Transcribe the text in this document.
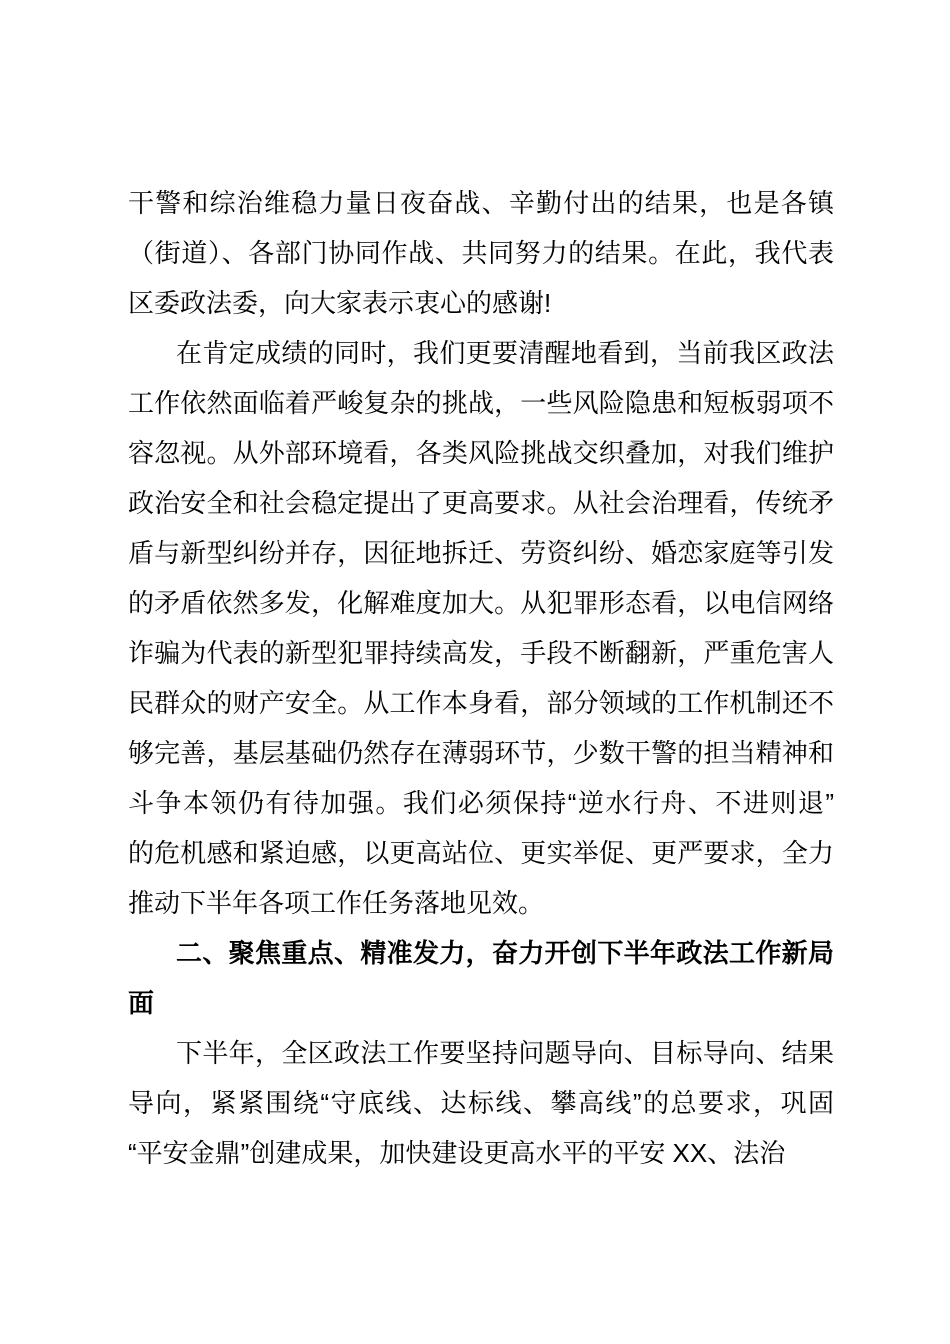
干警和综治维稳力量日夜奋战、辛勤付出的结果，也是各镇
（街道）、各部门协同作战、共同努力的结果。在此，我代表
区委政法委，向大家表示衷心的感谢!
在肯定成绩的同时，我们更要清醒地看到，当前我区政法
工作依然面临着严峻复杂的挑战，一些风险隐患和短板弱项不
容忽视。从外部环境看，各类风险挑战交织叠加，对我们维护
政治安全和社会稳定提出了更高要求。从社会治理看，传统矛
盾与新型纠纷并存，因征地拆迁、劳资纠纷、婚恋家庭等引发
的矛盾依然多发，化解难度加大。从犯罪形态看，以电信网络
诈骗为代表的新型犯罪持续高发，手段不断翻新，严重危害人
民群众的财产安全。从工作本身看，部分领域的工作机制还不
够完善，基层基础仍然存在薄弱环节，少数干警的担当精神和
斗争本领仍有待加强。我们必须保持“逆水行舟、不进则退”
的危机感和紧迫感，以更高站位、更实举促、更严要求，全力
推动下半年各项工作任务落地见效。
二、聚焦重点、精准发力，奋力开创下半年政法工作新局
面
下半年，全区政法工作要坚持问题导向、目标导向、结果
导向，紧紧围绕“守底线、达标线、攀高线”的总要求，巩固
“平安金鼎”创建成果，加快建设更高水平的平安 XX、法治
